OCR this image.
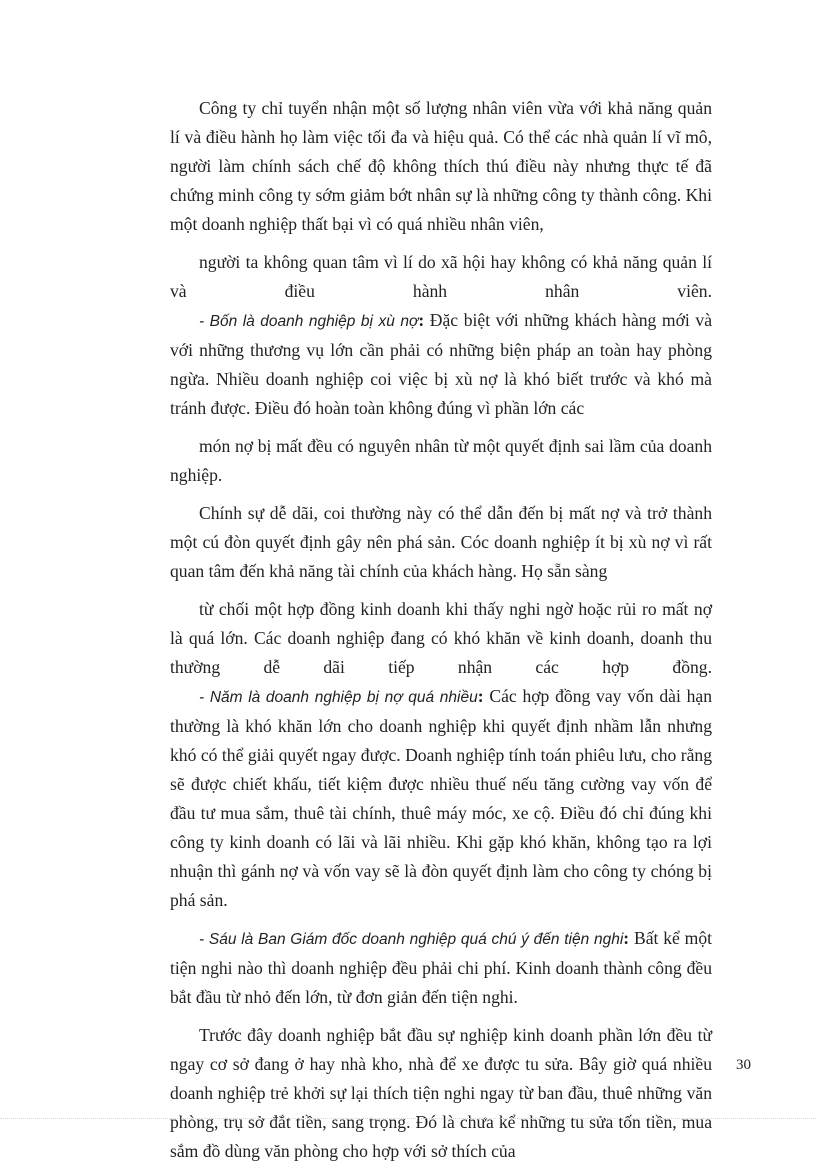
Công ty chỉ tuyển nhận một số lượng nhân viên vừa với khả năng quản lí và điều hành họ làm việc tối đa và hiệu quả. Có thể các nhà quản lí vĩ mô, người làm chính sách chế độ không thích thú điều này nhưng thực tế đã chứng minh công ty sớm giảm bớt nhân sự là những công ty thành công. Khi một doanh nghiệp thất bại vì có quá nhiều nhân viên,

người ta không quan tâm vì lí do xã hội hay không có khả năng quản lí và điều hành nhân viên.

- Bốn là doanh nghiệp bị xù nợ: Đặc biệt với những khách hàng mới và với những thương vụ lớn cần phải có những biện pháp an toàn hay phòng ngừa. Nhiều doanh nghiệp coi việc bị xù nợ là khó biết trước và khó mà tránh được. Điều đó hoàn toàn không đúng vì phần lớn các

món nợ bị mất đều có nguyên nhân từ một quyết định sai lầm của doanh nghiệp.

Chính sự dễ dãi, coi thường này có thể dẫn đến bị mất nợ và trở thành một cú đòn quyết định gây nên phá sản. Cóc doanh nghiệp ít bị xù nợ vì rất quan tâm đến khả năng tài chính của khách hàng. Họ sẵn sàng

từ chối một hợp đồng kinh doanh khi thấy nghi ngờ hoặc rủi ro mất nợ là quá lớn. Các doanh nghiệp đang có khó khăn về kinh doanh, doanh thu thường dễ dãi tiếp nhận các hợp đồng.

- Năm là doanh nghiệp bị nợ quá nhiều: Các hợp đồng vay vốn dài hạn thường là khó khăn lớn cho doanh nghiệp khi quyết định nhầm lẫn nhưng khó có thể giải quyết ngay được. Doanh nghiệp tính toán phiêu lưu, cho rằng sẽ được chiết khấu, tiết kiệm được nhiều thuế nếu tăng cường vay vốn để đầu tư mua sắm, thuê tài chính, thuê máy móc, xe cộ. Điều đó chỉ đúng khi công ty kinh doanh có lãi và lãi nhiều. Khi gặp khó khăn, không tạo ra lợi nhuận thì gánh nợ và vốn vay sẽ là đòn quyết định làm cho công ty chóng bị phá sản.

- Sáu là Ban Giám đốc doanh nghiệp quá chú ý đến tiện nghi: Bất kể một tiện nghi nào thì doanh nghiệp đều phải chi phí. Kinh doanh thành công đều bắt đầu từ nhỏ đến lớn, từ đơn giản đến tiện nghi.

Trước đây doanh nghiệp bắt đầu sự nghiệp kinh doanh phần lớn đều từ ngay cơ sở đang ở hay nhà kho, nhà để xe được tu sửa. Bây giờ quá nhiều doanh nghiệp trẻ khởi sự lại thích tiện nghi ngay từ ban đầu, thuê những văn phòng, trụ sở đắt tiền, sang trọng. Đó là chưa kể những tu sửa tốn tiền, mua sắm đồ dùng văn phòng cho hợp với sở thích của

30
